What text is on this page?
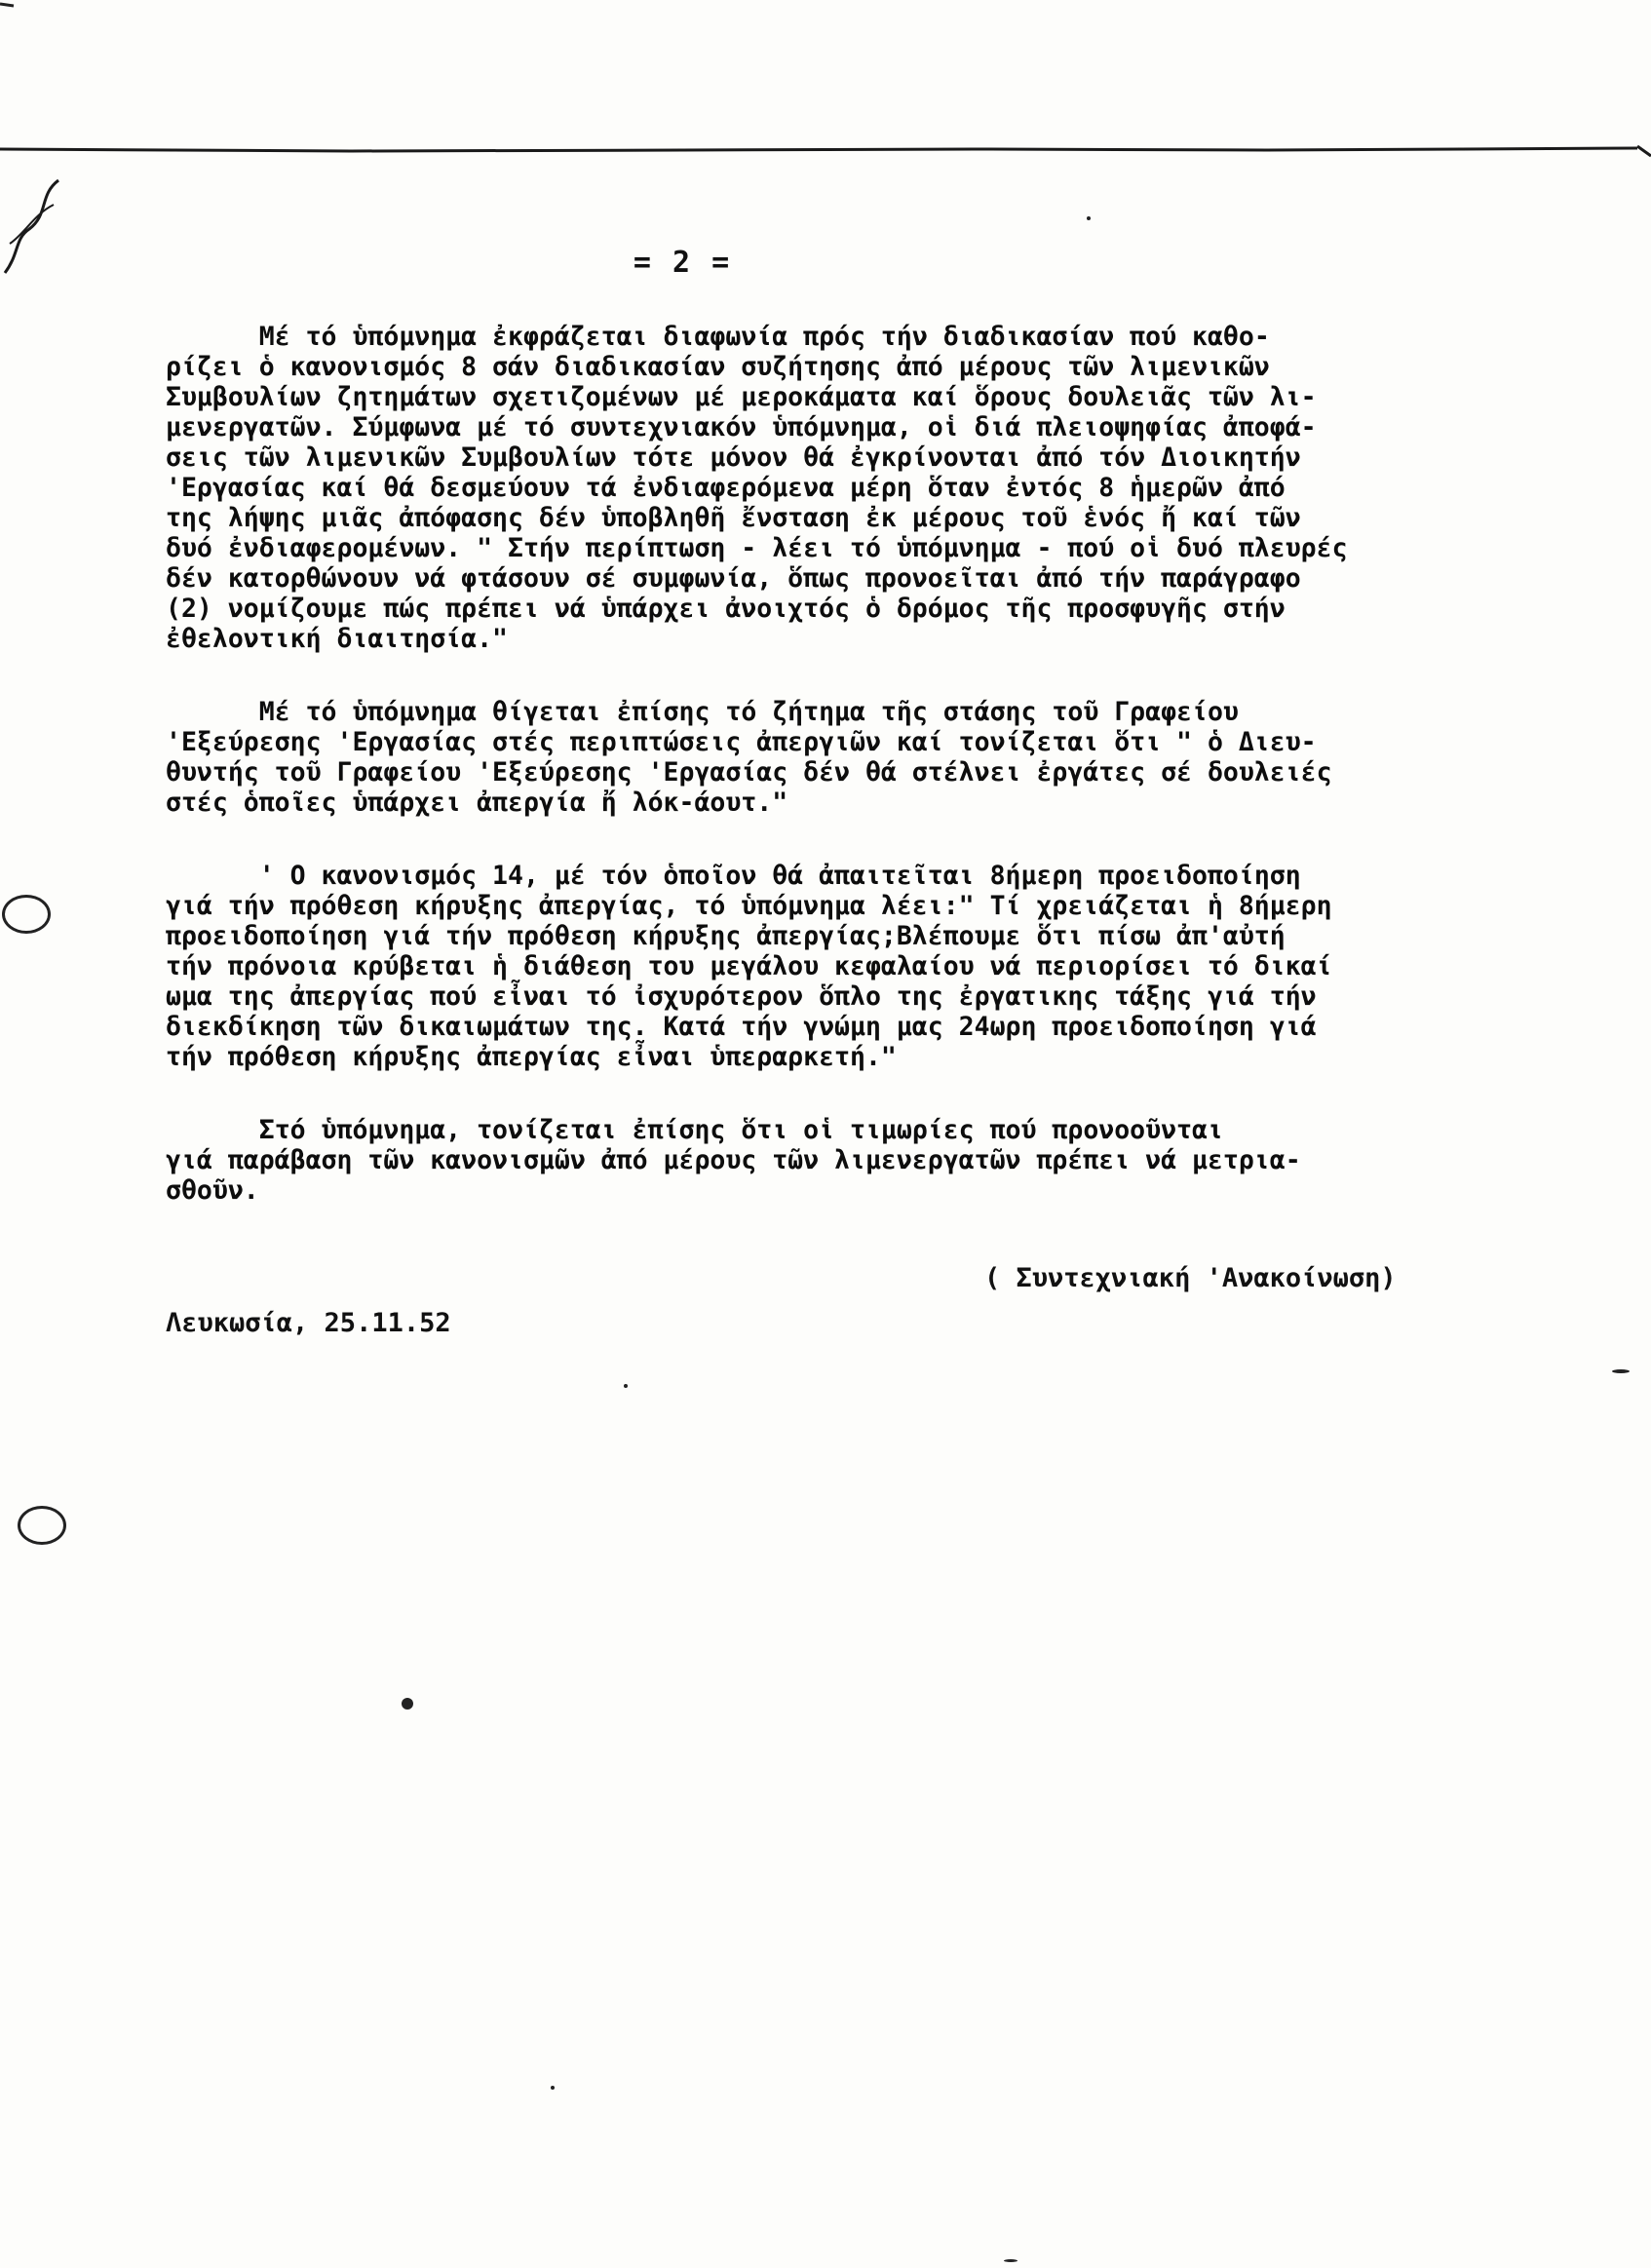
= 2 =

Μέ τό ὑπόμνημα ἐκφράζεται διαφωνία πρός τήν διαδικασίαν πού καθο-
ρίζει ὁ κανονισμός 8 σάν διαδικασίαν συζήτησης ἀπό μέρους τῶν λιμενικῶν
Συμβουλίων ζητημάτων σχετιζομένων μέ μεροκάματα καί ὅρους δουλειᾶς τῶν λι-
μενεργατῶν. Σύμφωνα μέ τό συντεχνιακόν ὑπόμνημα, οἱ διά πλειοψηφίας ἀποφά-
σεις τῶν λιμενικῶν Συμβουλίων τότε μόνον θά ἐγκρίνονται ἀπό τόν Διοικητήν
'Εργασίας καί θά δεσμεύουν τά ἐνδιαφερόμενα μέρη ὅταν ἐντός 8 ἡμερῶν ἀπό
της λήψης μιᾶς ἀπόφασης δέν ὑποβληθῆ ἔνσταση ἐκ μέρους τοῦ ἑνός ἤ καί τῶν
δυό ἐνδιαφερομένων. " Στήν περίπτωση - λέει τό ὑπόμνημα - πού οἱ δυό πλευρές
δέν κατορθώνουν νά φτάσουν σέ συμφωνία, ὅπως προνοεῖται ἀπό τήν παράγραφο
(2) νομίζουμε πώς πρέπει νά ὑπάρχει ἀνοιχτός ὁ δρόμος τῆς προσφυγῆς στήν
ἐθελοντική διαιτησία."

Μέ τό ὑπόμνημα θίγεται ἐπίσης τό ζήτημα τῆς στάσης τοῦ Γραφείου
'Εξεύρεσης 'Εργασίας στές περιπτώσεις ἀπεργιῶν καί τονίζεται ὅτι " ὁ Διευ-
θυντής τοῦ Γραφείου 'Εξεύρεσης 'Εργασίας δέν θά στέλνει ἐργάτες σέ δουλειές
στές ὁποῖες ὑπάρχει ἀπεργία ἤ λόκ-άουτ."

' Ο κανονισμός 14, μέ τόν ὁποῖον θά ἀπαιτεῖται 8ήμερη προειδοποίηση
γιά τήν πρόθεση κήρυξης ἀπεργίας, τό ὑπόμνημα λέει:" Τί χρειάζεται ἡ 8ήμερη
προειδοποίηση γιά τήν πρόθεση κήρυξης ἀπεργίας;Βλέπουμε ὅτι πίσω ἀπ'αὐτή
τήν πρόνοια κρύβεται ἡ διάθεση του μεγάλου κεφαλαίου νά περιορίσει τό δικαί
ωμα της ἀπεργίας πού εἶναι τό ἰσχυρότερον ὅπλο της ἐργατικης τάξης γιά τήν
διεκδίκηση τῶν δικαιωμάτων της. Κατά τήν γνώμη μας 24ωρη προειδοποίηση γιά
τήν πρόθεση κήρυξης ἀπεργίας εἶναι ὑπεραρκετή."

Στό ὑπόμνημα, τονίζεται ἐπίσης ὅτι οἱ τιμωρίες πού προνοοῦνται
γιά παράβαση τῶν κανονισμῶν ἀπό μέρους τῶν λιμενεργατῶν πρέπει νά μετρια-
σθοῦν.

( Συντεχνιακή 'Ανακοίνωση)
Λευκωσία, 25.11.52
